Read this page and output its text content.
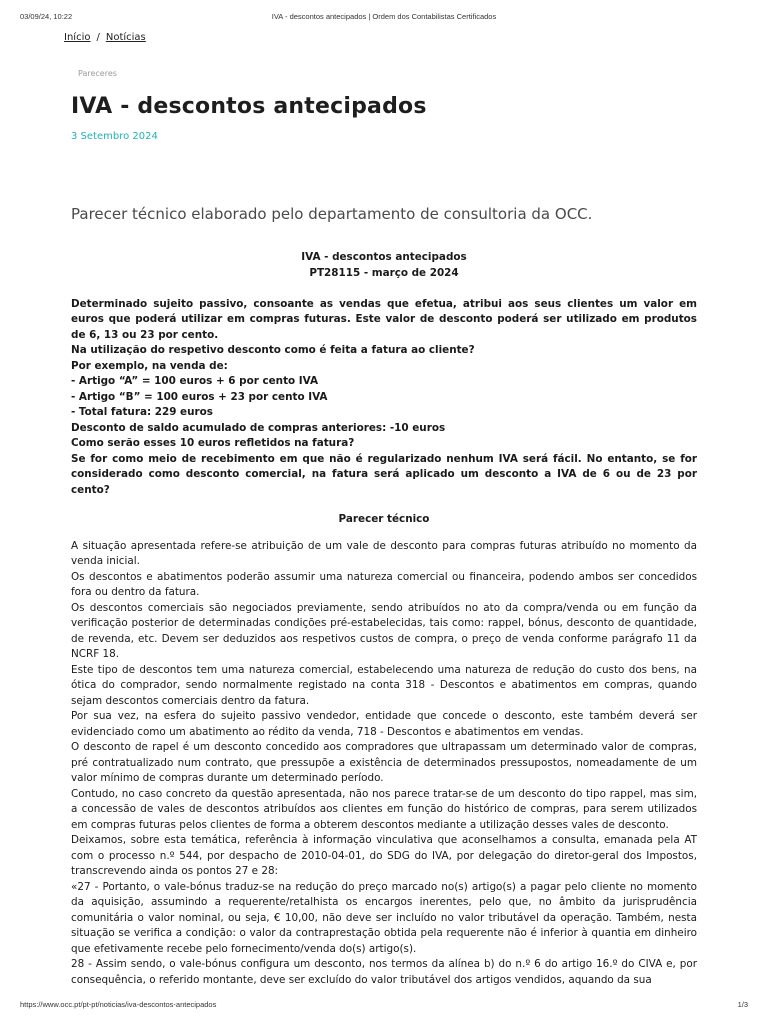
03/09/24, 10:22	IVA - descontos antecipados | Ordem dos Contabilistas Certificados
Início / Notícias
Pareceres
IVA - descontos antecipados
3 Setembro 2024
Parecer técnico elaborado pelo departamento de consultoria da OCC.
IVA - descontos antecipados
PT28115 - março de 2024

Determinado sujeito passivo, consoante as vendas que efetua, atribui aos seus clientes um valor em euros que poderá utilizar em compras futuras. Este valor de desconto poderá ser utilizado em produtos de 6, 13 ou 23 por cento.

Na utilização do respetivo desconto como é feita a fatura ao cliente?

Por exemplo, na venda de:

- Artigo “A” = 100 euros + 6 por cento IVA

- Artigo “B” = 100 euros + 23 por cento IVA

- Total fatura: 229 euros

Desconto de saldo acumulado de compras anteriores: -10 euros

Como serão esses 10 euros refletidos na fatura?

Se for como meio de recebimento em que não é regularizado nenhum IVA será fácil. No entanto, se for considerado como desconto comercial, na fatura será aplicado um desconto a IVA de 6 ou de 23 por cento?

Parecer técnico

A situação apresentada refere-se atribuição de um vale de desconto para compras futuras atribuído no momento da venda inicial.

Os descontos e abatimentos poderão assumir uma natureza comercial ou financeira, podendo ambos ser concedidos fora ou dentro da fatura.

Os descontos comerciais são negociados previamente, sendo atribuídos no ato da compra/venda ou em função da verificação posterior de determinadas condições pré-estabelecidas, tais como: rappel, bónus, desconto de quantidade, de revenda, etc. Devem ser deduzidos aos respetivos custos de compra, o preço de venda conforme parágrafo 11 da NCRF 18.

Este tipo de descontos tem uma natureza comercial, estabelecendo uma natureza de redução do custo dos bens, na ótica do comprador, sendo normalmente registado na conta 318 - Descontos e abatimentos em compras, quando sejam descontos comerciais dentro da fatura.

Por sua vez, na esfera do sujeito passivo vendedor, entidade que concede o desconto, este também deverá ser evidenciado como um abatimento ao rédito da venda, 718 - Descontos e abatimentos em vendas.

O desconto de rapel é um desconto concedido aos compradores que ultrapassam um determinado valor de compras, pré contratualizado num contrato, que pressupõe a existência de determinados pressupostos, nomeadamente de um valor mínimo de compras durante um determinado período.

Contudo, no caso concreto da questão apresentada, não nos parece tratar-se de um desconto do tipo rappel, mas sim, a concessão de vales de descontos atribuídos aos clientes em função do histórico de compras, para serem utilizados em compras futuras pelos clientes de forma a obterem descontos mediante a utilização desses vales de desconto.

Deixamos, sobre esta temática, referência à informação vinculativa que aconselhamos a consulta, emanada pela AT com o processo n.º 544, por despacho de 2010-04-01, do SDG do IVA, por delegação do diretor-geral dos Impostos, transcrevendo ainda os pontos 27 e 28:

«27 - Portanto, o vale-bónus traduz-se na redução do preço marcado no(s) artigo(s) a pagar pelo cliente no momento da aquisição, assumindo a requerente/retalhista os encargos inerentes, pelo que, no âmbito da jurisprudência comunitária o valor nominal, ou seja, € 10,00, não deve ser incluído no valor tributável da operação. Também, nesta situação se verifica a condição: o valor da contraprestação obtida pela requerente não é inferior à quantia em dinheiro que efetivamente recebe pelo fornecimento/venda do(s) artigo(s).

28 - Assim sendo, o vale-bónus configura um desconto, nos termos da alínea b) do n.º 6 do artigo 16.º do CIVA e, por consequência, o referido montante, deve ser excluído do valor tributável dos artigos vendidos, aquando da sua

https://www.occ.pt/pt-pt/noticias/iva-descontos-antecipados	1/3
